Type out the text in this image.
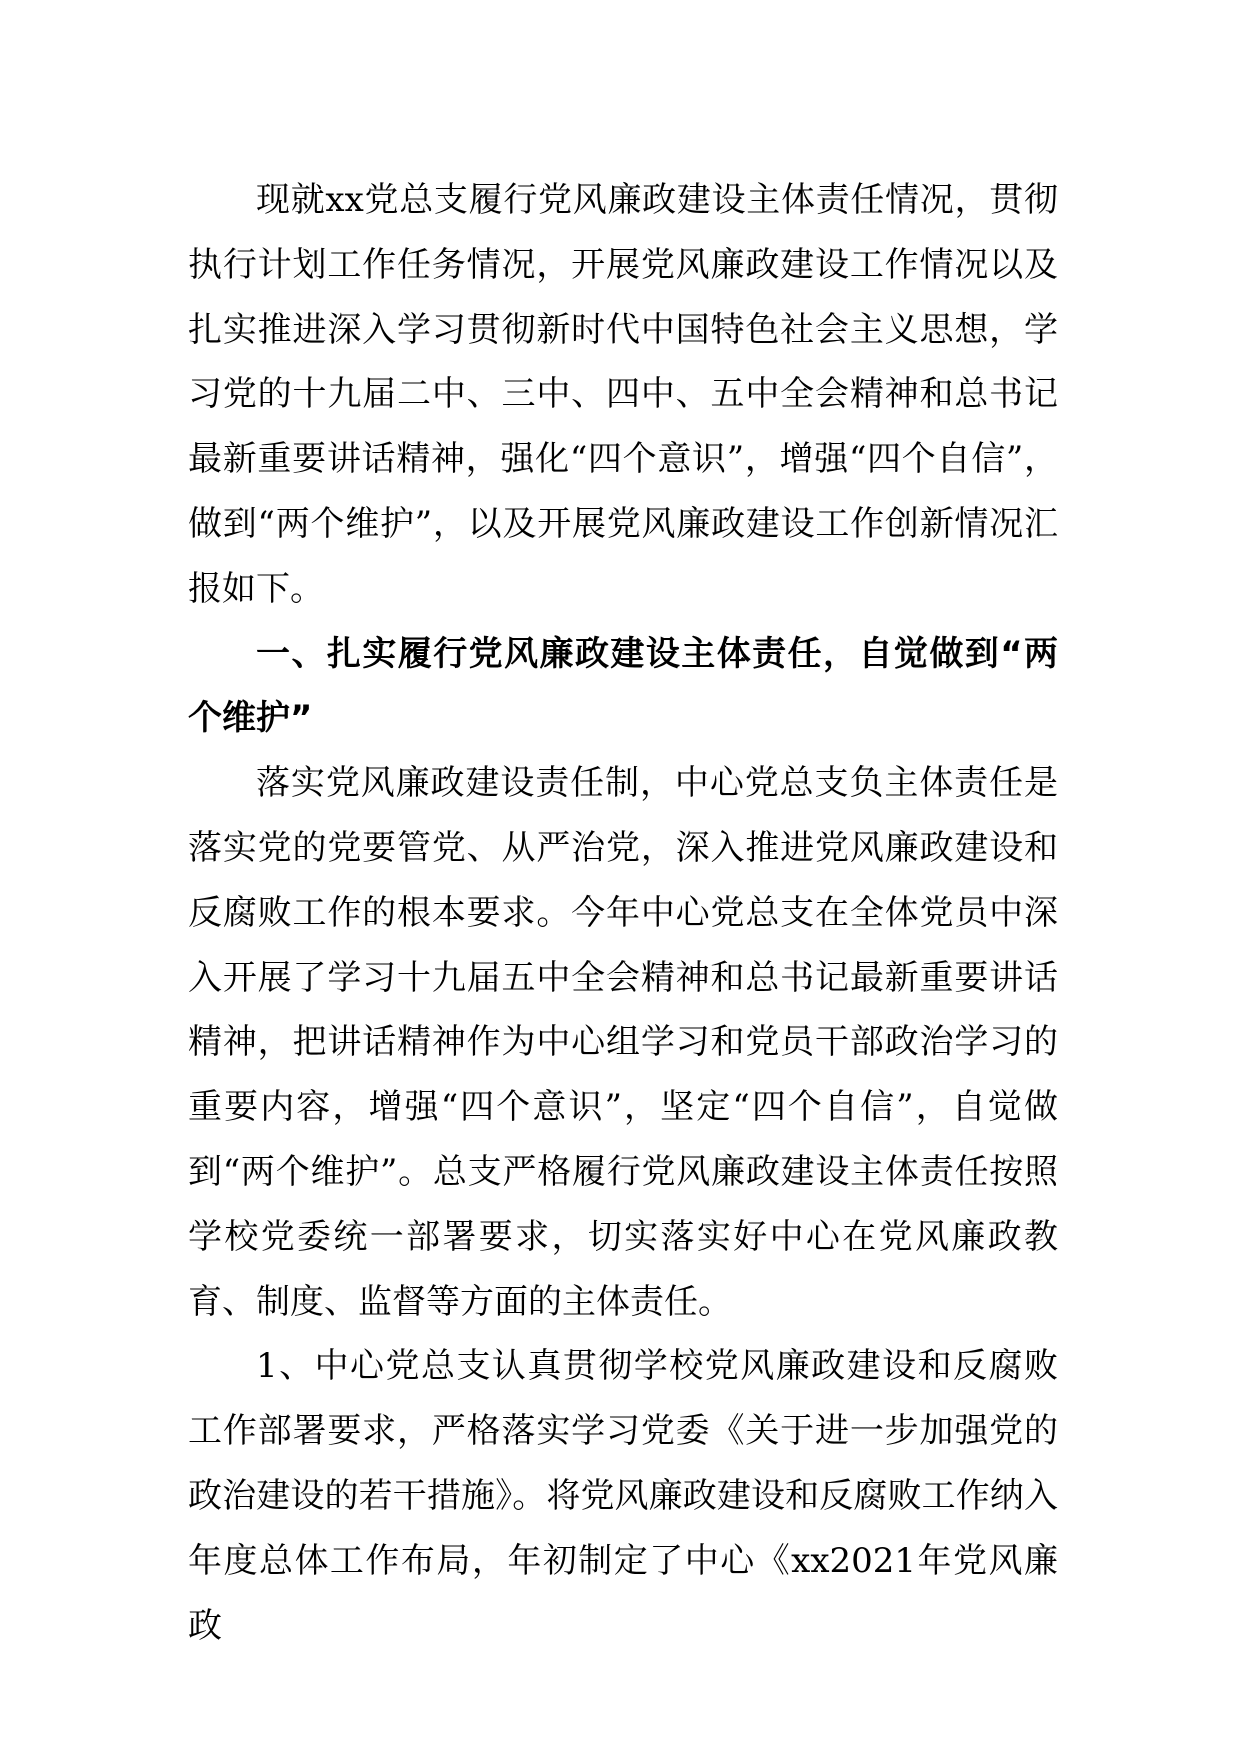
现就xx党总支履行党风廉政建设主体责任情况，贯彻执行计划工作任务情况，开展党风廉政建设工作情况以及扎实推进深入学习贯彻新时代中国特色社会主义思想，学习党的十九届二中、三中、四中、五中全会精神和总书记最新重要讲话精神，强化“四个意识”，增强“四个自信”，做到“两个维护”，以及开展党风廉政建设工作创新情况汇报如下。

一、扎实履行党风廉政建设主体责任，自觉做到“两个维护”

落实党风廉政建设责任制，中心党总支负主体责任是落实党的党要管党、从严治党，深入推进党风廉政建设和反腐败工作的根本要求。今年中心党总支在全体党员中深入开展了学习十九届五中全会精神和总书记最新重要讲话精神，把讲话精神作为中心组学习和党员干部政治学习的重要内容，增强“四个意识”，坚定“四个自信”，自觉做到“两个维护”。总支严格履行党风廉政建设主体责任按照学校党委统一部署要求，切实落实好中心在党风廉政教育、制度、监督等方面的主体责任。

1、中心党总支认真贯彻学校党风廉政建设和反腐败工作部署要求，严格落实学习党委《关于进一步加强党的政治建设的若干措施》。将党风廉政建设和反腐败工作纳入年度总体工作布局，年初制定了中心《xx2021年党风廉政
